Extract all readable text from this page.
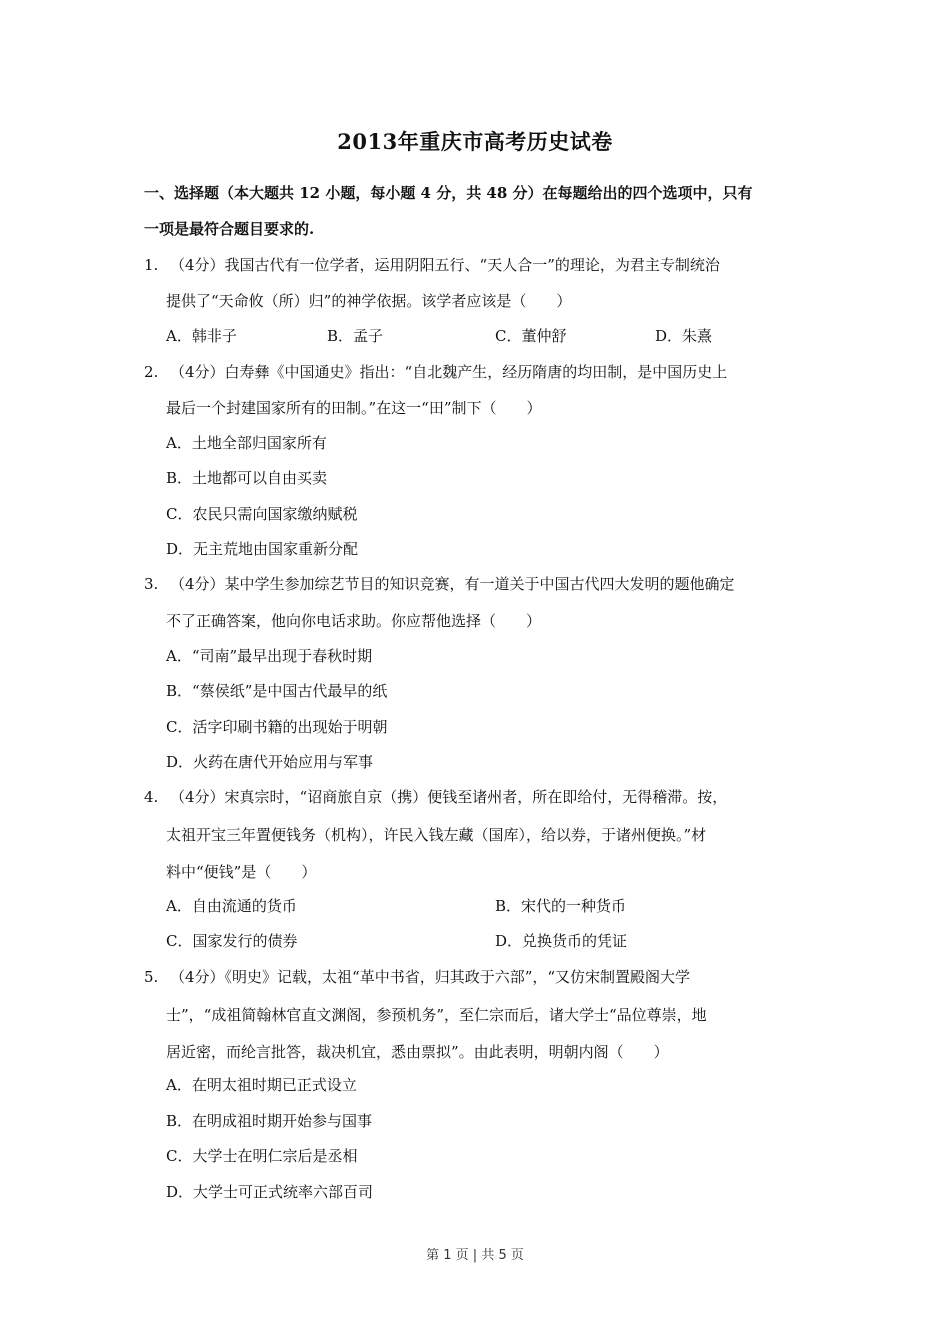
2013年重庆市高考历史试卷
一、选择题（本大题共 12 小题，每小题 4 分，共 48 分）在每题给出的四个选项中，只有
一项是最符合题目要求的.
1. （4分）我国古代有一位学者，运用阴阳五行、“天人合一”的理论，为君主专制统治
提供了“天命攸（所）归”的神学依据。该学者应该是（　　）
A．韩非子	B．孟子	C．董仲舒	D．朱熹
2. （4分）白寿彝《中国通史》指出：“自北魏产生，经历隋唐的均田制，是中国历史上
最后一个封建国家所有的田制。”在这一“田”制下（　　）
A．土地全部归国家所有
B．土地都可以自由买卖
C．农民只需向国家缴纳赋税
D．无主荒地由国家重新分配
3. （4分）某中学生参加综艺节目的知识竞赛，有一道关于中国古代四大发明的题他确定
不了正确答案，他向你电话求助。你应帮他选择（　　）
A．“司南”最早出现于春秋时期
B．“蔡侯纸”是中国古代最早的纸
C．活字印刷书籍的出现始于明朝
D．火药在唐代开始应用与军事
4. （4分）宋真宗时，“诏商旅自京（携）便钱至诸州者，所在即给付，无得稽滞。按，
太祖开宝三年置便钱务（机构），许民入钱左藏（国库），给以券，于诸州便换。”材
料中“便钱”是（　　）
A．自由流通的货币	B．宋代的一种货币
C．国家发行的债券	D．兑换货币的凭证
5. （4分）《明史》记载，太祖“革中书省，归其政于六部”，“又仿宋制置殿阁大学
士”，“成祖简翰林官直文渊阁，参预机务”，至仁宗而后，诸大学士“品位尊崇，地
居近密，而纶言批答，裁决机宜，悉由票拟”。由此表明，明朝内阁（　　）
A．在明太祖时期已正式设立
B．在明成祖时期开始参与国事
C．大学士在明仁宗后是丞相
D．大学士可正式统率六部百司
第 1 页 | 共 5 页
